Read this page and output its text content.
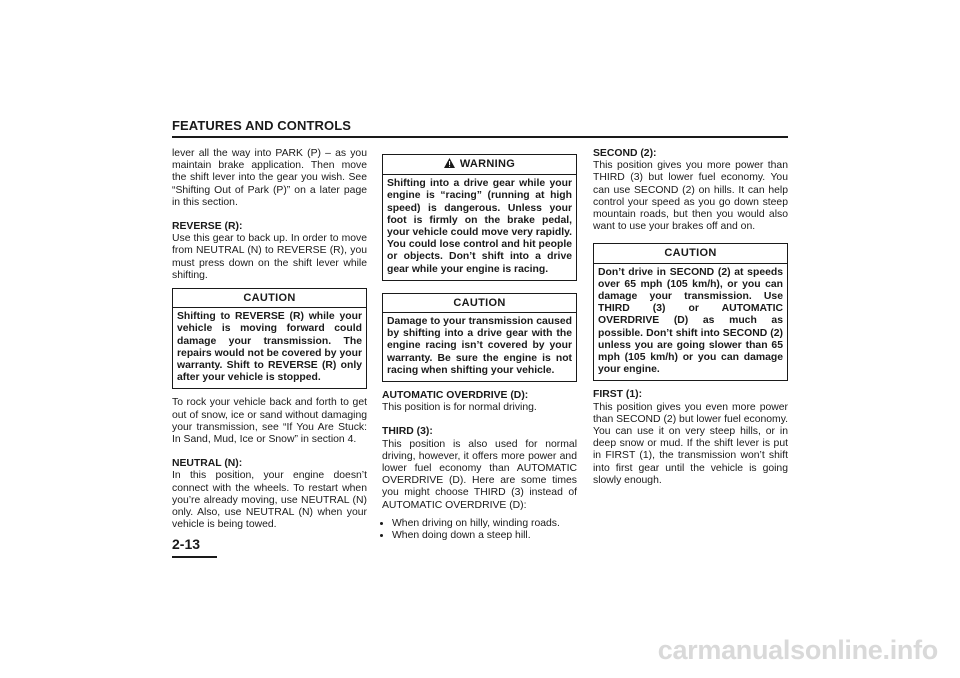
FEATURES AND CONTROLS

lever all the way into PARK (P) – as you maintain brake application. Then move the shift lever into the gear you wish. See “Shifting Out of Park (P)” on a later page in this section.

REVERSE (R):

Use this gear to back up. In order to move from NEUTRAL (N) to REVERSE (R), you must press down on the shift lever while shifting.

CAUTION
Shifting to REVERSE (R) while your vehicle is moving forward could damage your transmission. The repairs would not be covered by your warranty. Shift to REVERSE (R) only after your vehicle is stopped.

To rock your vehicle back and forth to get out of snow, ice or sand without damaging your transmission, see “If You Are Stuck: In Sand, Mud, Ice or Snow” in section 4.

NEUTRAL (N):

In this position, your engine doesn’t connect with the wheels. To restart when you’re already moving, use NEUTRAL (N) only. Also, use NEUTRAL (N) when your vehicle is being towed.

WARNING
Shifting into a drive gear while your engine is “racing” (running at high speed) is dangerous. Unless your foot is firmly on the brake pedal, your vehicle could move very rapidly. You could lose control and hit people or objects. Don’t shift into a drive gear while your engine is racing.
CAUTION
Damage to your transmission caused by shifting into a drive gear with the engine racing isn’t covered by your warranty. Be sure the engine is not racing when shifting your vehicle.

AUTOMATIC OVERDRIVE (D):

This position is for normal driving.

THIRD (3):

This position is also used for normal driving, however, it offers more power and lower fuel economy than AUTOMATIC OVERDRIVE (D). Here are some times you might choose THIRD (3) instead of AUTOMATIC OVERDRIVE (D):

• When driving on hilly, winding roads.
• When doing down a steep hill.

SECOND (2):

This position gives you more power than THIRD (3) but lower fuel economy. You can use SECOND (2) on hills. It can help control your speed as you go down steep mountain roads, but then you would also want to use your brakes off and on.

CAUTION
Don’t drive in SECOND (2) at speeds over 65 mph (105 km/h), or you can damage your transmission. Use THIRD (3) or AUTOMATIC OVERDRIVE (D) as much as possible. Don’t shift into SECOND (2) unless you are going slower than 65 mph (105 km/h) or you can damage your engine.

FIRST (1):

This position gives you even more power than SECOND (2) but lower fuel economy. You can use it on very steep hills, or in deep snow or mud. If the shift lever is put in FIRST (1), the transmission won’t shift into first gear until the vehicle is going slowly enough.

2-13
carmanualsonline.info
